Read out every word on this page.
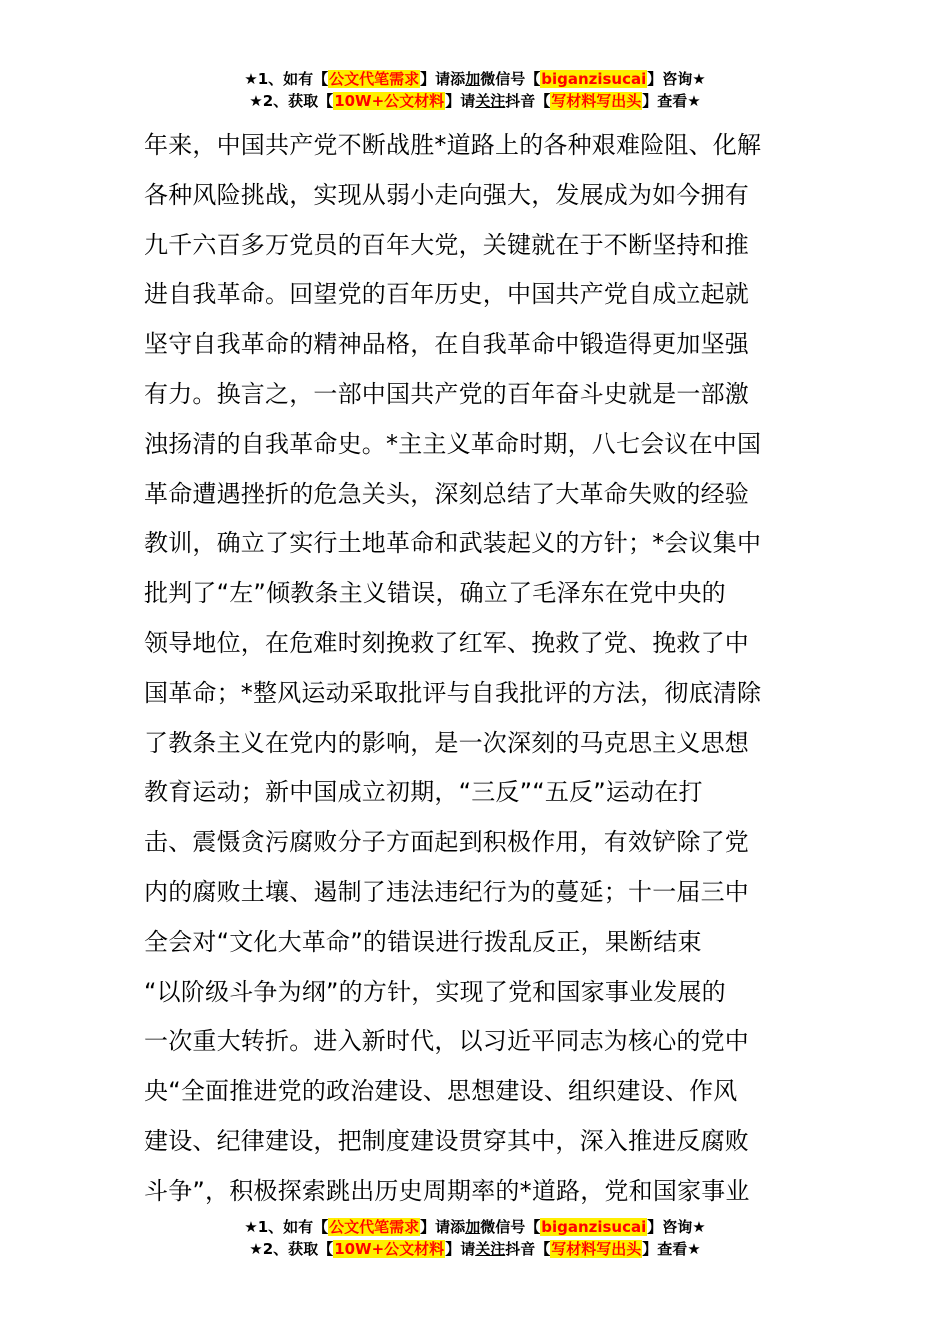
★1、如有【公文代笔需求】请添加微信号【biganzisucai】咨询★
★2、获取【10W+公文材料】请关注抖音【写材料写出头】查看★
年来，中国共产党不断战胜*道路上的各种艰难险阻、化解
各种风险挑战，实现从弱小走向强大，发展成为如今拥有
九千六百多万党员的百年大党，关键就在于不断坚持和推
进自我革命。回望党的百年历史，中国共产党自成立起就
坚守自我革命的精神品格，在自我革命中锻造得更加坚强
有力。换言之，一部中国共产党的百年奋斗史就是一部激
浊扬清的自我革命史。*主主义革命时期，八七会议在中国
革命遭遇挫折的危急关头，深刻总结了大革命失败的经验
教训，确立了实行土地革命和武装起义的方针；*会议集中
批判了“左”倾教条主义错误，确立了毛泽东在党中央的
领导地位，在危难时刻挽救了红军、挽救了党、挽救了中
国革命；*整风运动采取批评与自我批评的方法，彻底清除
了教条主义在党内的影响，是一次深刻的马克思主义思想
教育运动；新中国成立初期，“三反”“五反”运动在打
击、震慑贪污腐败分子方面起到积极作用，有效铲除了党
内的腐败土壤、遏制了违法违纪行为的蔓延；十一届三中
全会对“文化大革命”的错误进行拨乱反正，果断结束
“以阶级斗争为纲”的方针，实现了党和国家事业发展的
一次重大转折。进入新时代，以习近平同志为核心的党中
央“全面推进党的政治建设、思想建设、组织建设、作风
建设、纪律建设，把制度建设贯穿其中，深入推进反腐败
斗争”，积极探索跳出历史周期率的*道路，党和国家事业
★1、如有【公文代笔需求】请添加微信号【biganzisucai】咨询★
★2、获取【10W+公文材料】请关注抖音【写材料写出头】查看★
